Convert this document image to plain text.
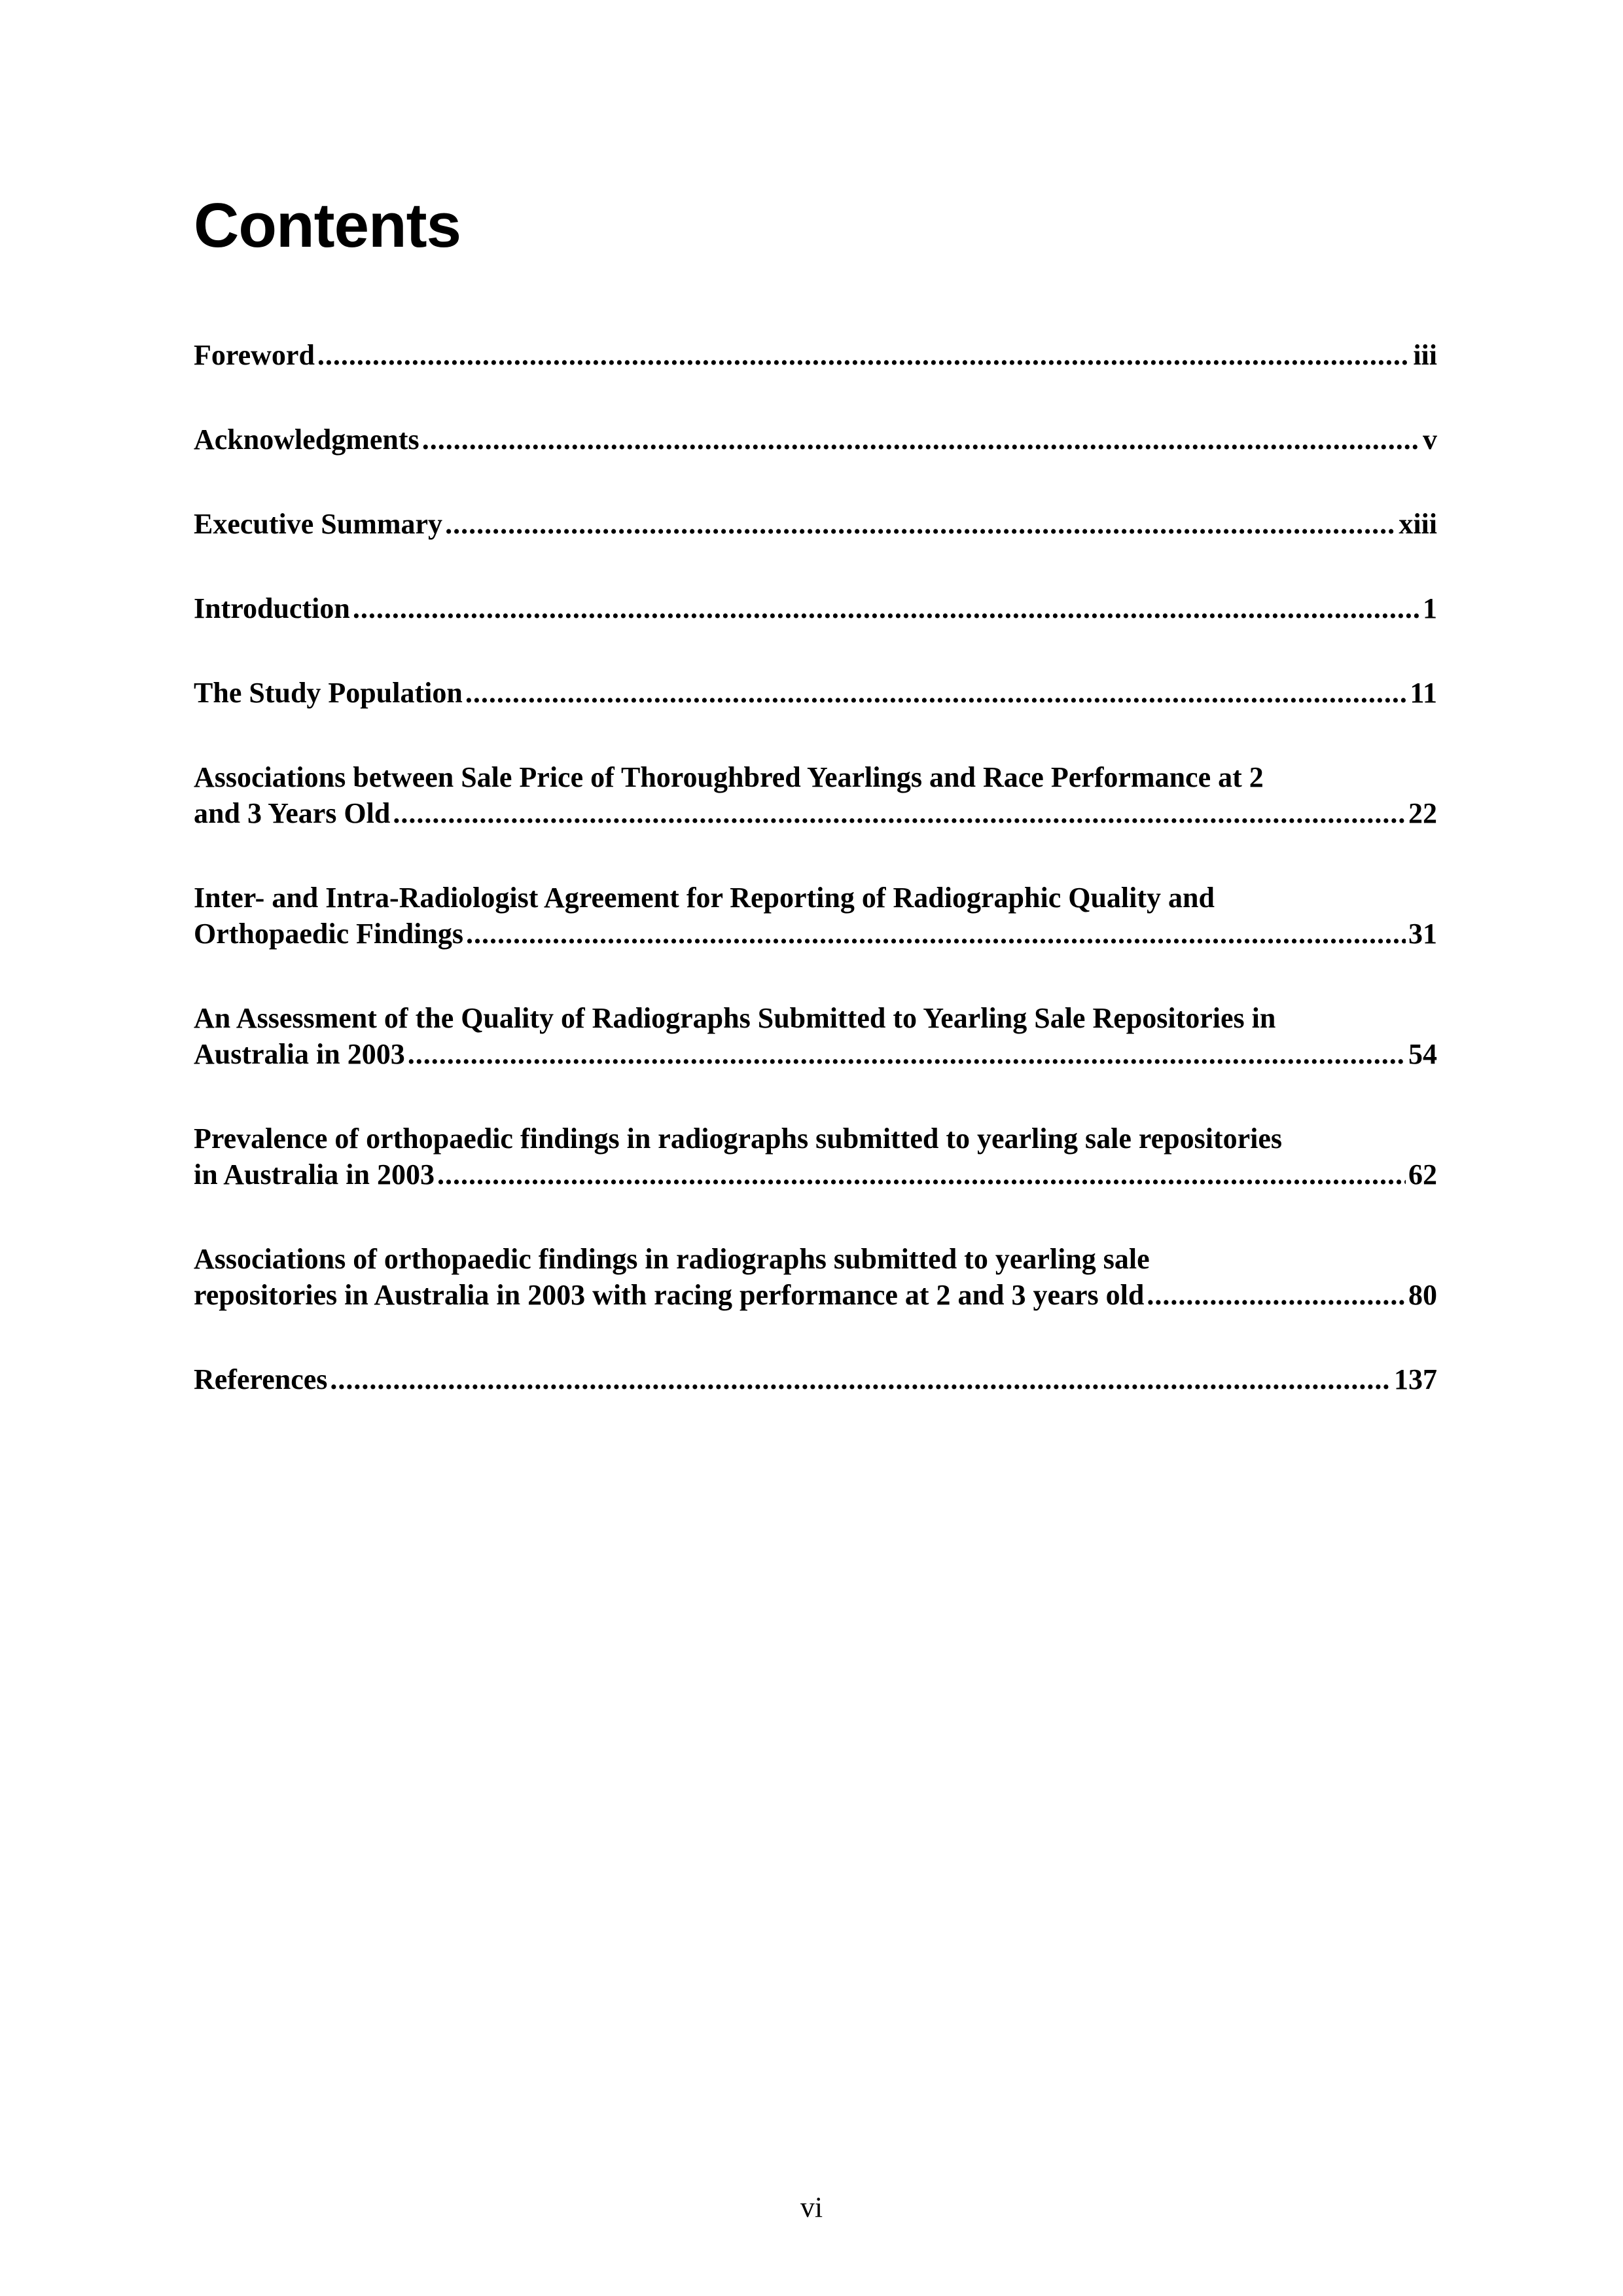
Contents
Foreword .....	iii
Acknowledgments .....	v
Executive Summary .....	xiii
Introduction .....	1
The Study Population .....	11
Associations between Sale Price of Thoroughbred Yearlings and Race Performance at 2
and 3 Years Old .....	22
Inter- and Intra-Radiologist Agreement for Reporting of Radiographic Quality and
Orthopaedic Findings .....	31
An Assessment of the Quality of Radiographs Submitted to Yearling Sale Repositories in
Australia in 2003 .....	54
Prevalence of orthopaedic findings in radiographs submitted to yearling sale repositories
in Australia in 2003 .....	62
Associations of orthopaedic findings in radiographs submitted to yearling sale
repositories in Australia in 2003 with racing performance at 2 and 3 years old .....	80
References .....	137
vi
